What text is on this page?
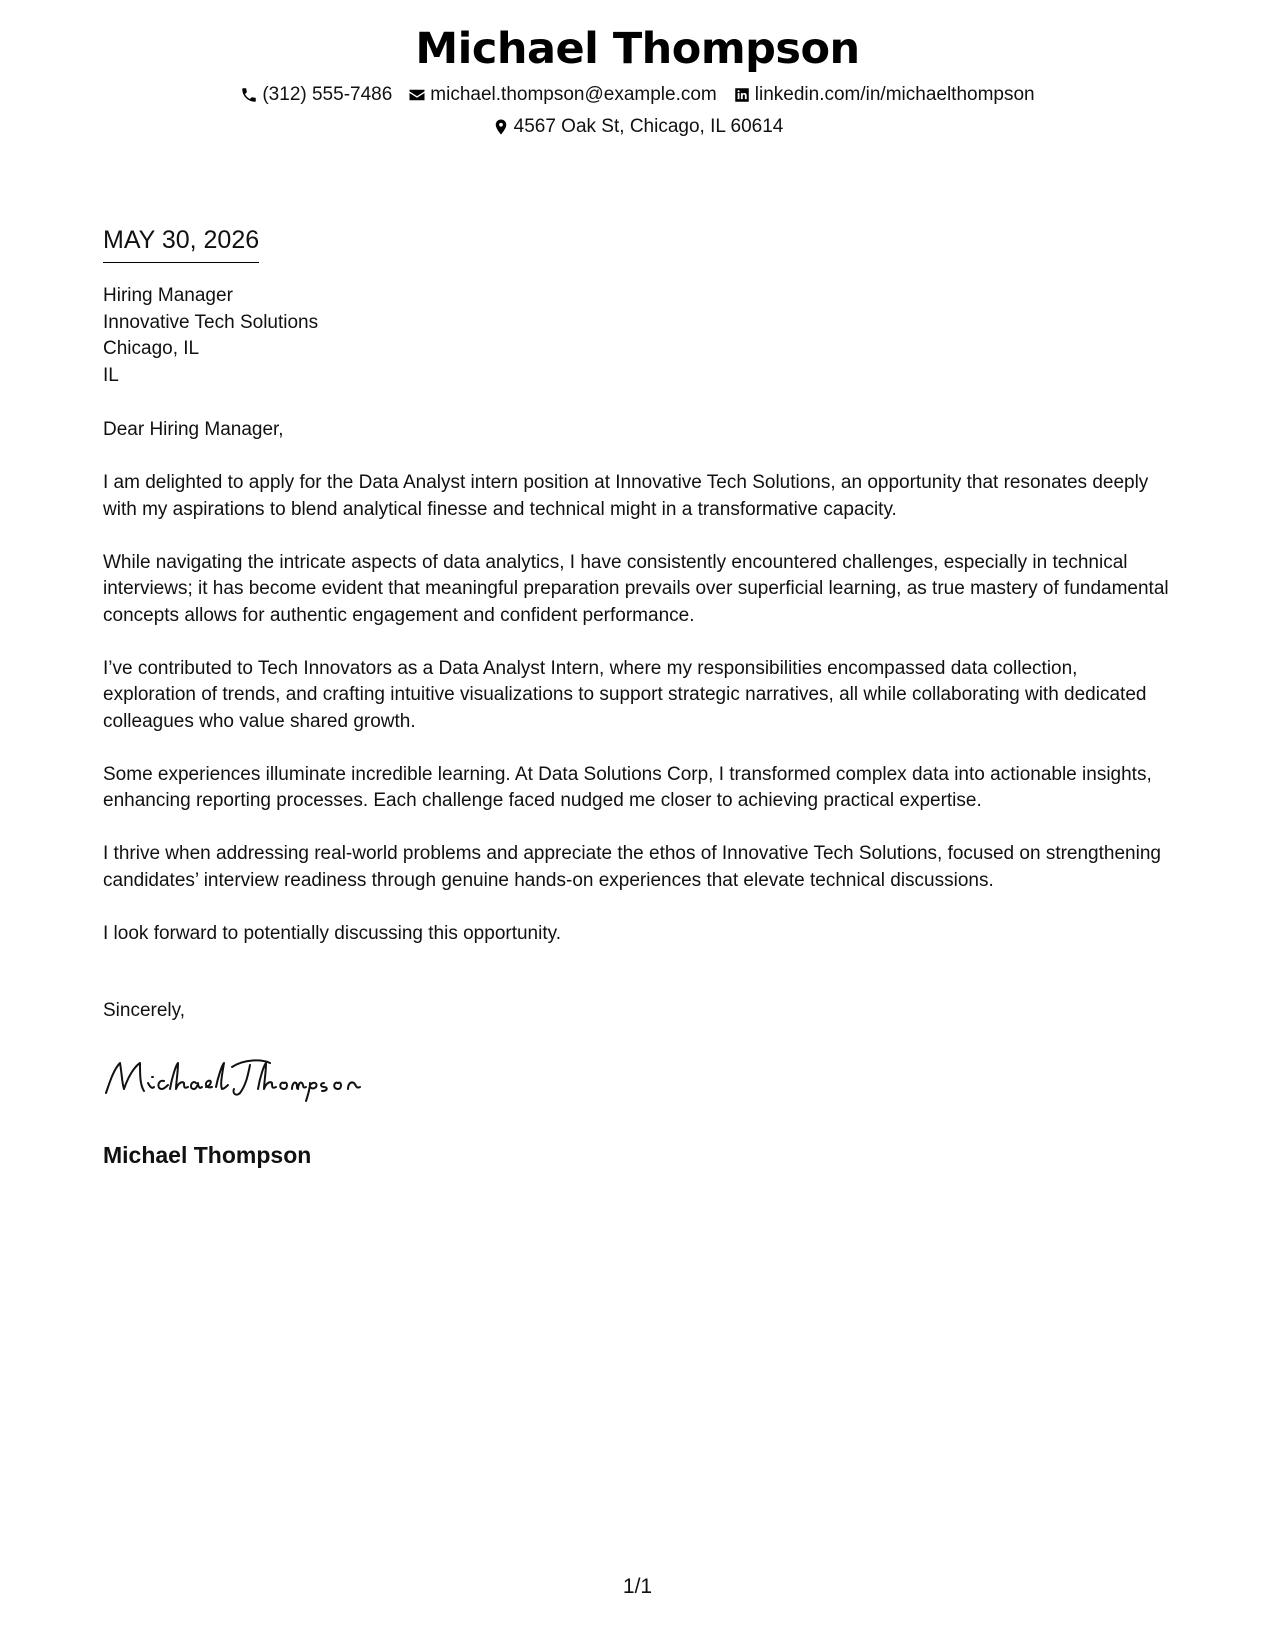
Michael Thompson
(312) 555-7486 michael.thompson@example.com linkedin.com/in/michaelthompson
4567 Oak St, Chicago, IL 60614
MAY 30, 2026
Hiring Manager
Innovative Tech Solutions
Chicago, IL
IL

Dear Hiring Manager,

I am delighted to apply for the Data Analyst intern position at Innovative Tech Solutions, an opportunity that resonates deeply with my aspirations to blend analytical finesse and technical might in a transformative capacity.

While navigating the intricate aspects of data analytics, I have consistently encountered challenges, especially in technical interviews; it has become evident that meaningful preparation prevails over superficial learning, as true mastery of fundamental concepts allows for authentic engagement and confident performance.

I’ve contributed to Tech Innovators as a Data Analyst Intern, where my responsibilities encompassed data collection, exploration of trends, and crafting intuitive visualizations to support strategic narratives, all while collaborating with dedicated colleagues who value shared growth.

Some experiences illuminate incredible learning. At Data Solutions Corp, I transformed complex data into actionable insights, enhancing reporting processes. Each challenge faced nudged me closer to achieving practical expertise.

I thrive when addressing real-world problems and appreciate the ethos of Innovative Tech Solutions, focused on strengthening candidates’ interview readiness through genuine hands-on experiences that elevate technical discussions.

I look forward to potentially discussing this opportunity.

Sincerely,
Michael Thompson
1/1
